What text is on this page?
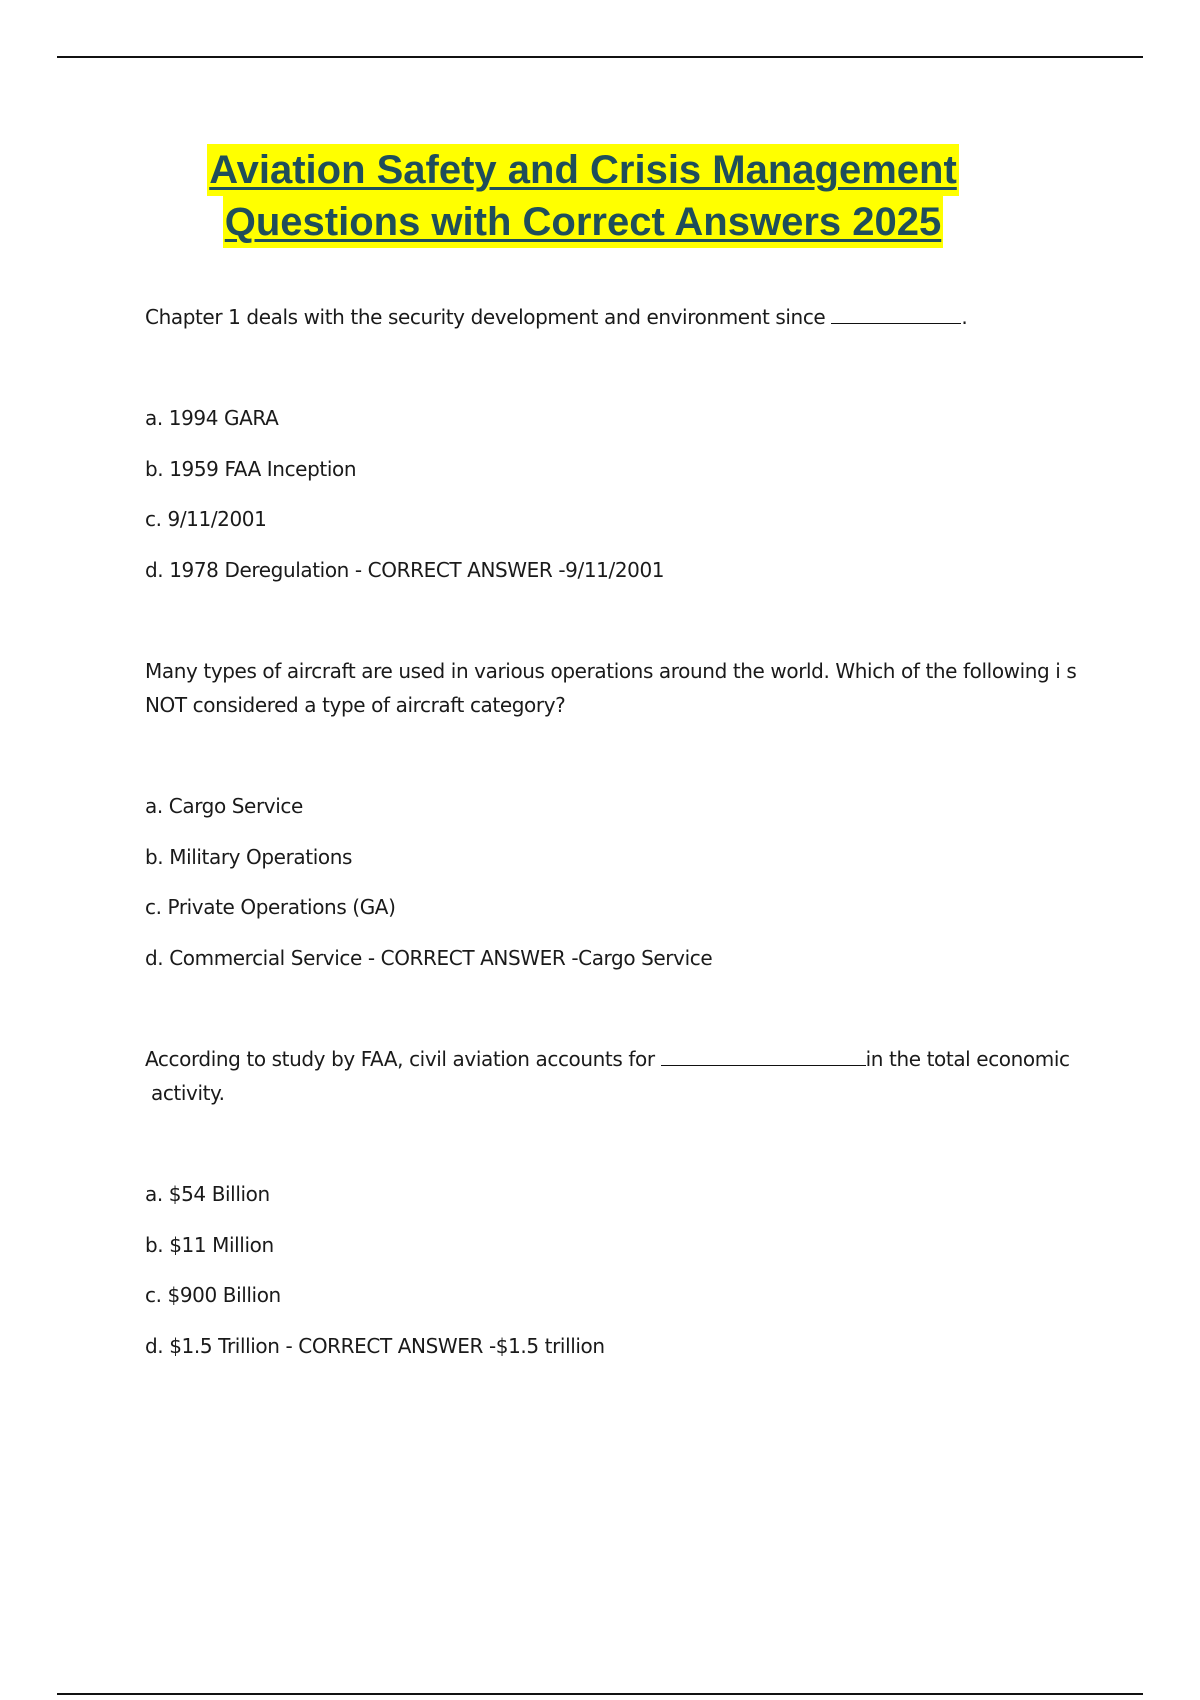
Aviation Safety and Crisis Management
Questions with Correct Answers 2025

Chapter 1 deals with the security development and environment since	.

a. 1994 GARA
b. 1959 FAA Inception
c. 9/11/2001
d. 1978 Deregulation - CORRECT ANSWER -9/11/2001

Many types of aircraft are used in various operations around the world. Which of the following i s NOT considered a type of aircraft category?

a. Cargo Service
b. Military Operations
c. Private Operations (GA)
d. Commercial Service - CORRECT ANSWER -Cargo Service

According to study by FAA, civil aviation accounts for	in the total economic
activity.

a. $54 Billion
b. $11 Million
c. $900 Billion
d. $1.5 Trillion - CORRECT ANSWER -$1.5 trillion
